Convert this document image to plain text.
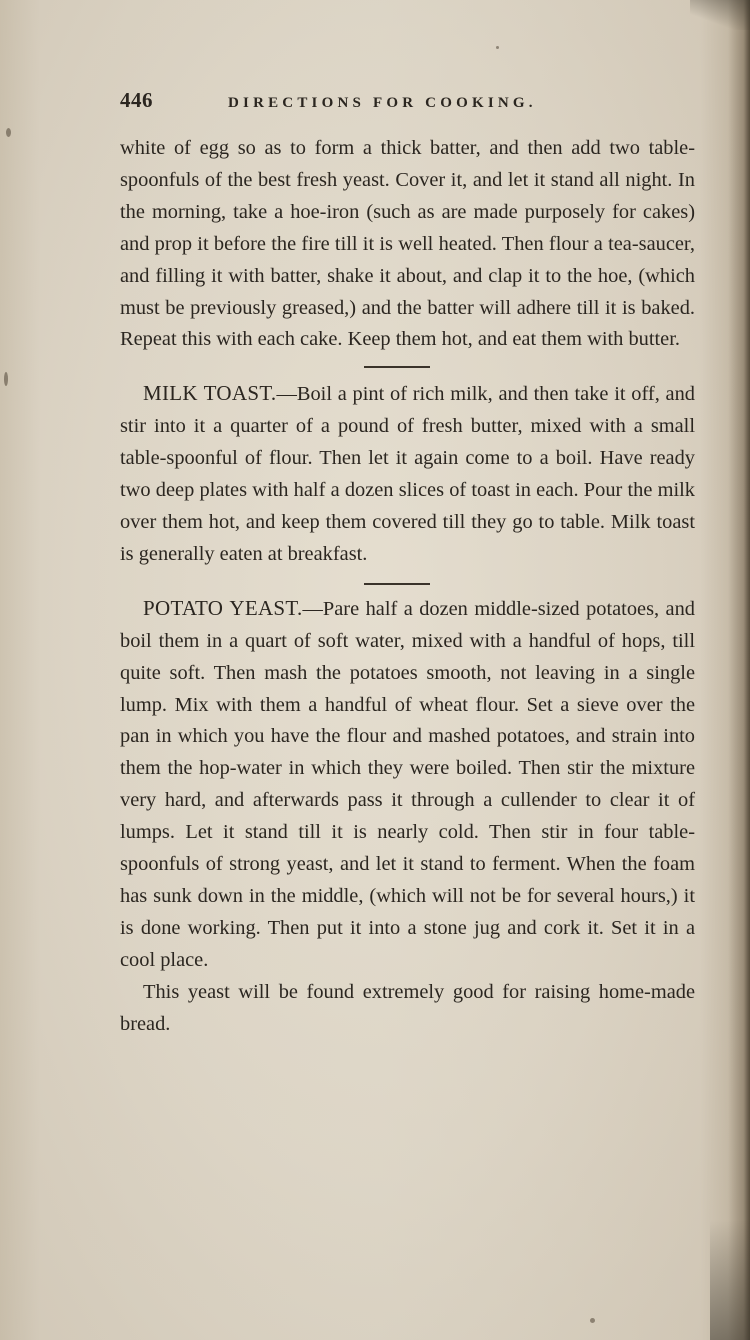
446	DIRECTIONS FOR COOKING.

white of egg so as to form a thick batter, and then add two table-spoonfuls of the best fresh yeast. Cover it, and let it stand all night. In the morning, take a hoe-iron (such as are made purposely for cakes) and prop it before the fire till it is well heated. Then flour a tea-saucer, and filling it with batter, shake it about, and clap it to the hoe, (which must be previously greased,) and the batter will adhere till it is baked. Repeat this with each cake. Keep them hot, and eat them with butter.

MILK TOAST.—Boil a pint of rich milk, and then take it off, and stir into it a quarter of a pound of fresh butter, mixed with a small table-spoonful of flour. Then let it again come to a boil. Have ready two deep plates with half a dozen slices of toast in each. Pour the milk over them hot, and keep them covered till they go to table. Milk toast is generally eaten at breakfast.

POTATO YEAST.—Pare half a dozen middle-sized potatoes, and boil them in a quart of soft water, mixed with a handful of hops, till quite soft. Then mash the potatoes smooth, not leaving in a single lump. Mix with them a handful of wheat flour. Set a sieve over the pan in which you have the flour and mashed potatoes, and strain into them the hop-water in which they were boiled. Then stir the mixture very hard, and afterwards pass it through a cullender to clear it of lumps. Let it stand till it is nearly cold. Then stir in four table-spoonfuls of strong yeast, and let it stand to ferment. When the foam has sunk down in the middle, (which will not be for several hours,) it is done working. Then put it into a stone jug and cork it. Set it in a cool place.

This yeast will be found extremely good for raising home-made bread.
